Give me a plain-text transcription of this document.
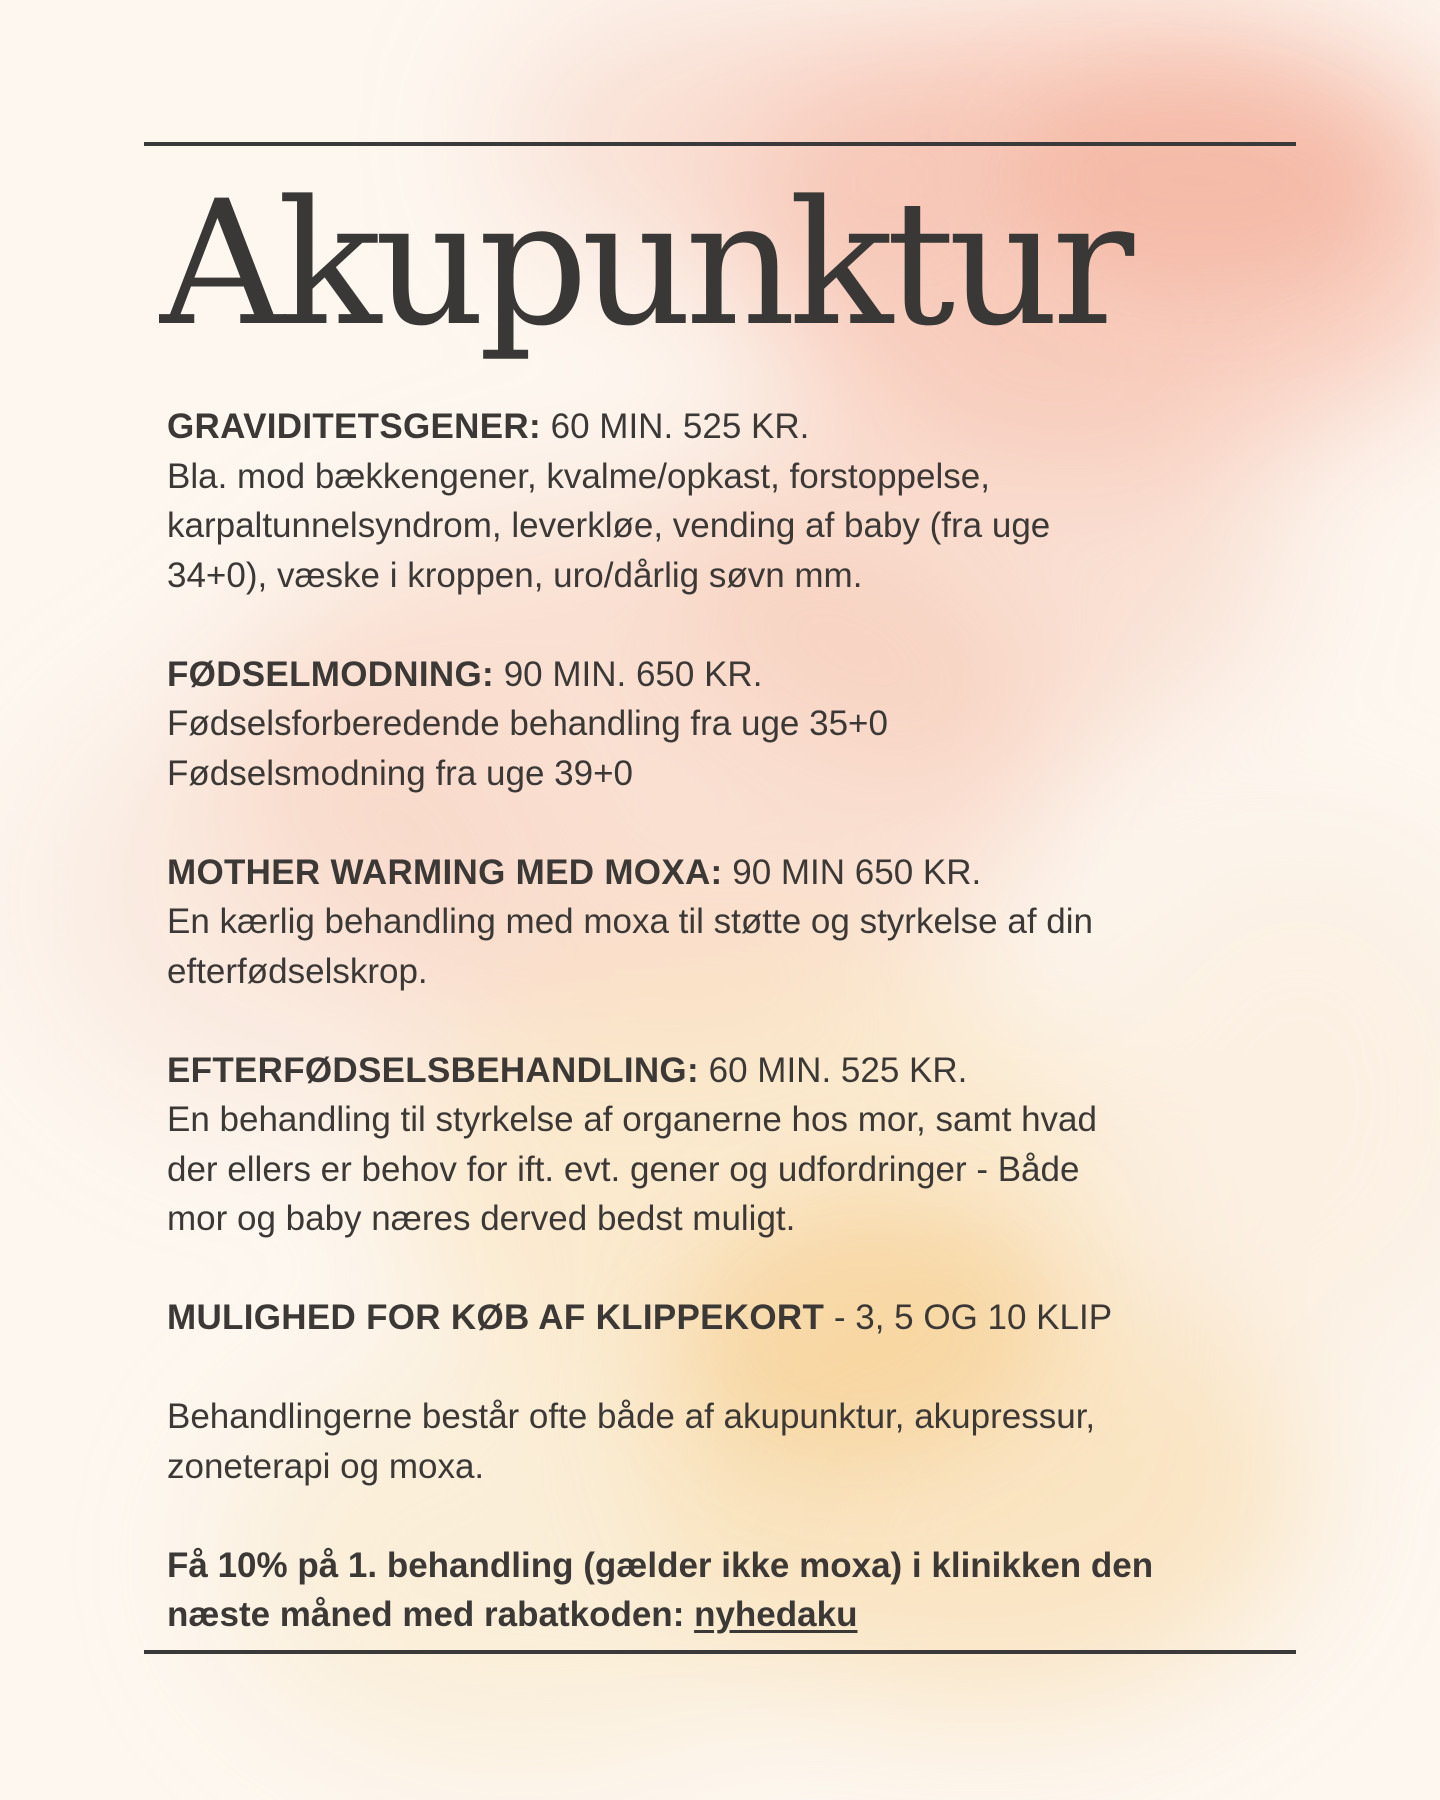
Akupunktur

GRAVIDITETSGENER: 60 MIN. 525 KR.

Bla. mod bækkengener, kvalme/opkast, forstoppelse,

karpaltunnelsyndrom, leverkløe, vending af baby (fra uge

34+0), væske i kroppen, uro/dårlig søvn mm.

FØDSELMODNING: 90 MIN. 650 KR.

Fødselsforberedende behandling fra uge 35+0

Fødselsmodning fra uge 39+0

MOTHER WARMING MED MOXA: 90 MIN 650 KR.

En kærlig behandling med moxa til støtte og styrkelse af din

efterfødselskrop.

EFTERFØDSELSBEHANDLING: 60 MIN. 525 KR.

En behandling til styrkelse af organerne hos mor, samt hvad

der ellers er behov for ift. evt. gener og udfordringer - Både

mor og baby næres derved bedst muligt.

MULIGHED FOR KØB AF KLIPPEKORT - 3, 5 OG 10 KLIP

Behandlingerne består ofte både af akupunktur, akupressur,

zoneterapi og moxa.

Få 10% på 1. behandling (gælder ikke moxa) i klinikken den

næste måned med rabatkoden: nyhedaku
